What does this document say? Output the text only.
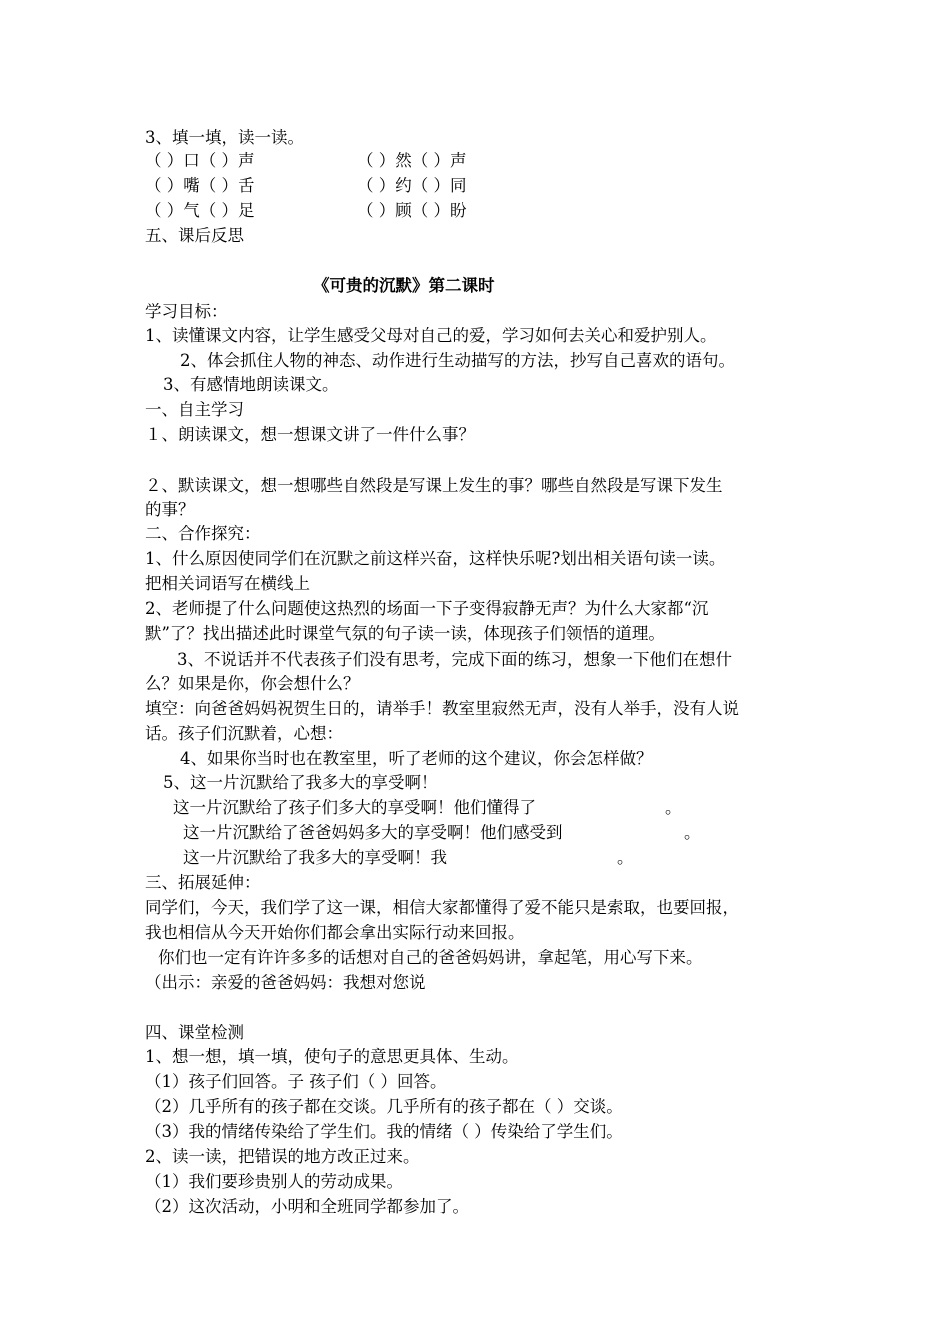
3、填一填，读一读。
（ ）口（ ）声	（ ）然（ ）声
（ ）嘴（ ）舌	（ ）约（ ）同
（ ）气（ ）足	（ ）顾（ ）盼
五、课后反思
《可贵的沉默》第二课时
学习目标：
1、读懂课文内容，让学生感受父母对自己的爱，学习如何去关心和爱护别人。
2、体会抓住人物的神态、动作进行生动描写的方法，抄写自己喜欢的语句。
3、有感情地朗读课文。
一、自主学习
１、朗读课文，想一想课文讲了一件什么事？
２、默读课文，想一想哪些自然段是写课上发生的事？哪些自然段是写课下发生
的事？
二、合作探究：
1、什么原因使同学们在沉默之前这样兴奋，这样快乐呢?划出相关语句读一读。
把相关词语写在横线上
2、老师提了什么问题使这热烈的场面一下子变得寂静无声？为什么大家都“沉
默”了？找出描述此时课堂气氛的句子读一读，体现孩子们领悟的道理。
3、不说话并不代表孩子们没有思考，完成下面的练习，想象一下他们在想什
么？如果是你，你会想什么？
填空：向爸爸妈妈祝贺生日的，请举手！教室里寂然无声，没有人举手，没有人说
话。孩子们沉默着，心想：
4、如果你当时也在教室里，听了老师的这个建议，你会怎样做？
5、这一片沉默给了我多大的享受啊！
这一片沉默给了孩子们多大的享受啊！他们懂得了	。
这一片沉默给了爸爸妈妈多大的享受啊！他们感受到	。
这一片沉默给了我多大的享受啊！我	。
三、拓展延伸：
同学们，今天，我们学了这一课，相信大家都懂得了爱不能只是索取，也要回报，
我也相信从今天开始你们都会拿出实际行动来回报。
你们也一定有许许多多的话想对自己的爸爸妈妈讲，拿起笔，用心写下来。
（出示：亲爱的爸爸妈妈：我想对您说
四、课堂检测
1、想一想，填一填，使句子的意思更具体、生动。
（1）孩子们回答。子 孩子们（ ）回答。
（2）几乎所有的孩子都在交谈。几乎所有的孩子都在（ ）交谈。
（3）我的情绪传染给了学生们。我的情绪（ ）传染给了学生们。
2、读一读，把错误的地方改正过来。
（1）我们要珍贵别人的劳动成果。
（2）这次活动，小明和全班同学都参加了。
